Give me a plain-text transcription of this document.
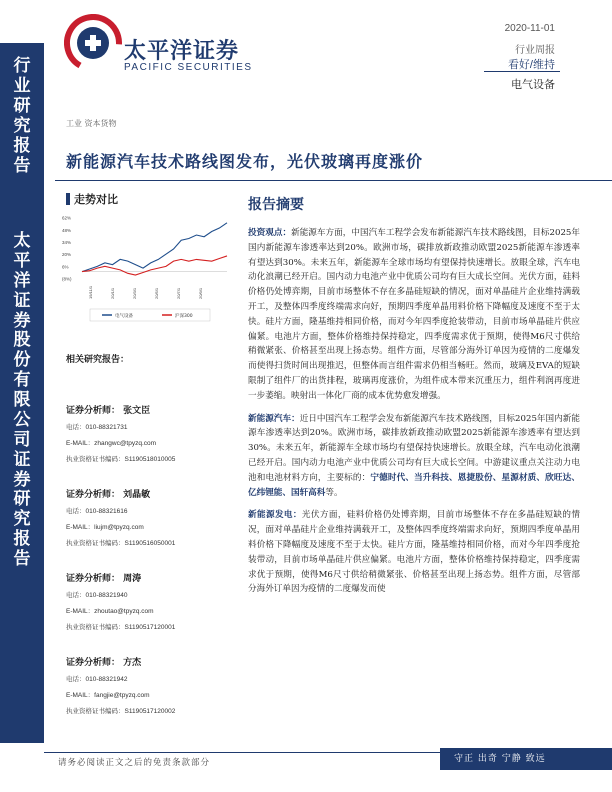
行
业
研
究
报
告
太
平
洋
证
券
股
份
有
限
公
司
证
券
研
究
报
告
太平洋证券
PACIFIC SECURITIES
2020-11-01
行业周报
看好/维持
电气设备
工业 资本货物
新能源汽车技术路线图发布，光伏玻璃再度涨价
走势对比
62%
48%
34%
20%
6%
(8%)
19/11/1	20/1/1	20/3/1	20/5/1	20/7/1	20/9/1
电气设备	沪深300
相关研究报告：
证券分析师： 张文臣
电话：010-88321731
E-MAIL：zhangwc@tpyzq.com
执业资格证书编码：S1190518010005
证券分析师： 刘晶敏
电话：010-88321616
E-MAIL：liujm@tpyzq.com
执业资格证书编码：S1190516050001
证券分析师： 周涛
电话：010-88321940
E-MAIL：zhoutao@tpyzq.com
执业资格证书编码：S1190517120001
证券分析师： 方杰
电话：010-88321942
E-MAIL：fangjie@tpyzq.com
执业资格证书编码：S1190517120002
报告摘要

投资观点：新能源车方面，中国汽车工程学会发布新能源汽车技术路线图，目标2025年国内新能源车渗透率达到20%。欧洲市场，碳排放新政推动欧盟2025新能源车渗透率有望达到30%。未来五年，新能源车全球市场均有望保持快速增长。放眼全球，汽车电动化浪潮已经开启。国内动力电池产业中优质公司均有巨大成长空间。光伏方面，硅料价格仍处博弈期，目前市场整体不存在多晶硅短缺的情况，面对单晶硅片企业维持满载开工，及整体四季度终端需求向好，预期四季度单晶用料价格下降幅度及速度不至于太快。硅片方面，隆基维持相同价格，而对今年四季度抢装带动，目前市场单晶硅片供应偏紧。电池片方面，整体价格维持保持稳定，四季度需求优于预期，使得M6尺寸供给稍微紧张、价格甚至出现上扬态势。组件方面，尽管部分海外订单因为疫情的二度爆发而使得扫货时间出现推迟，但整体而言组件需求仍相当畅旺。然而，玻璃及EVA的短缺限制了组件厂的出货排程，玻璃再度涨价，为组件成本带来沉重压力，组件利润再度进一步萎缩。映射出一体化厂商的成本优势愈发增强。

新能源汽车：近日中国汽车工程学会发布新能源汽车技术路线图，目标2025年国内新能源车渗透率达到20%。欧洲市场，碳排放新政推动欧盟2025新能源车渗透率有望达到30%。未来五年，新能源车全球市场均有望保持快速增长。放眼全球，汽车电动化浪潮已经开启。国内动力电池产业中优质公司均有巨大成长空间。中游建议重点关注动力电池和电池材料方向，主要标的：宁德时代、当升科技、恩捷股份、星源材质、欣旺达、亿纬锂能、国轩高科等。

新能源发电：光伏方面，硅料价格仍处博弈期，目前市场整体不存在多晶硅短缺的情况，面对单晶硅片企业维持满载开工，及整体四季度终端需求向好，预期四季度单晶用料价格下降幅度及速度不至于太快。硅片方面，隆基维持相同价格，而对今年四季度抢装带动，目前市场单晶硅片供应偏紧。电池片方面，整体价格维持保持稳定，四季度需求优于预期，使得M6尺寸供给稍微紧张、价格甚至出现上扬态势。组件方面，尽管部分海外订单因为疫情的二度爆发而使

请务必阅读正文之后的免责条款部分	守正 出奇 宁静 致远
